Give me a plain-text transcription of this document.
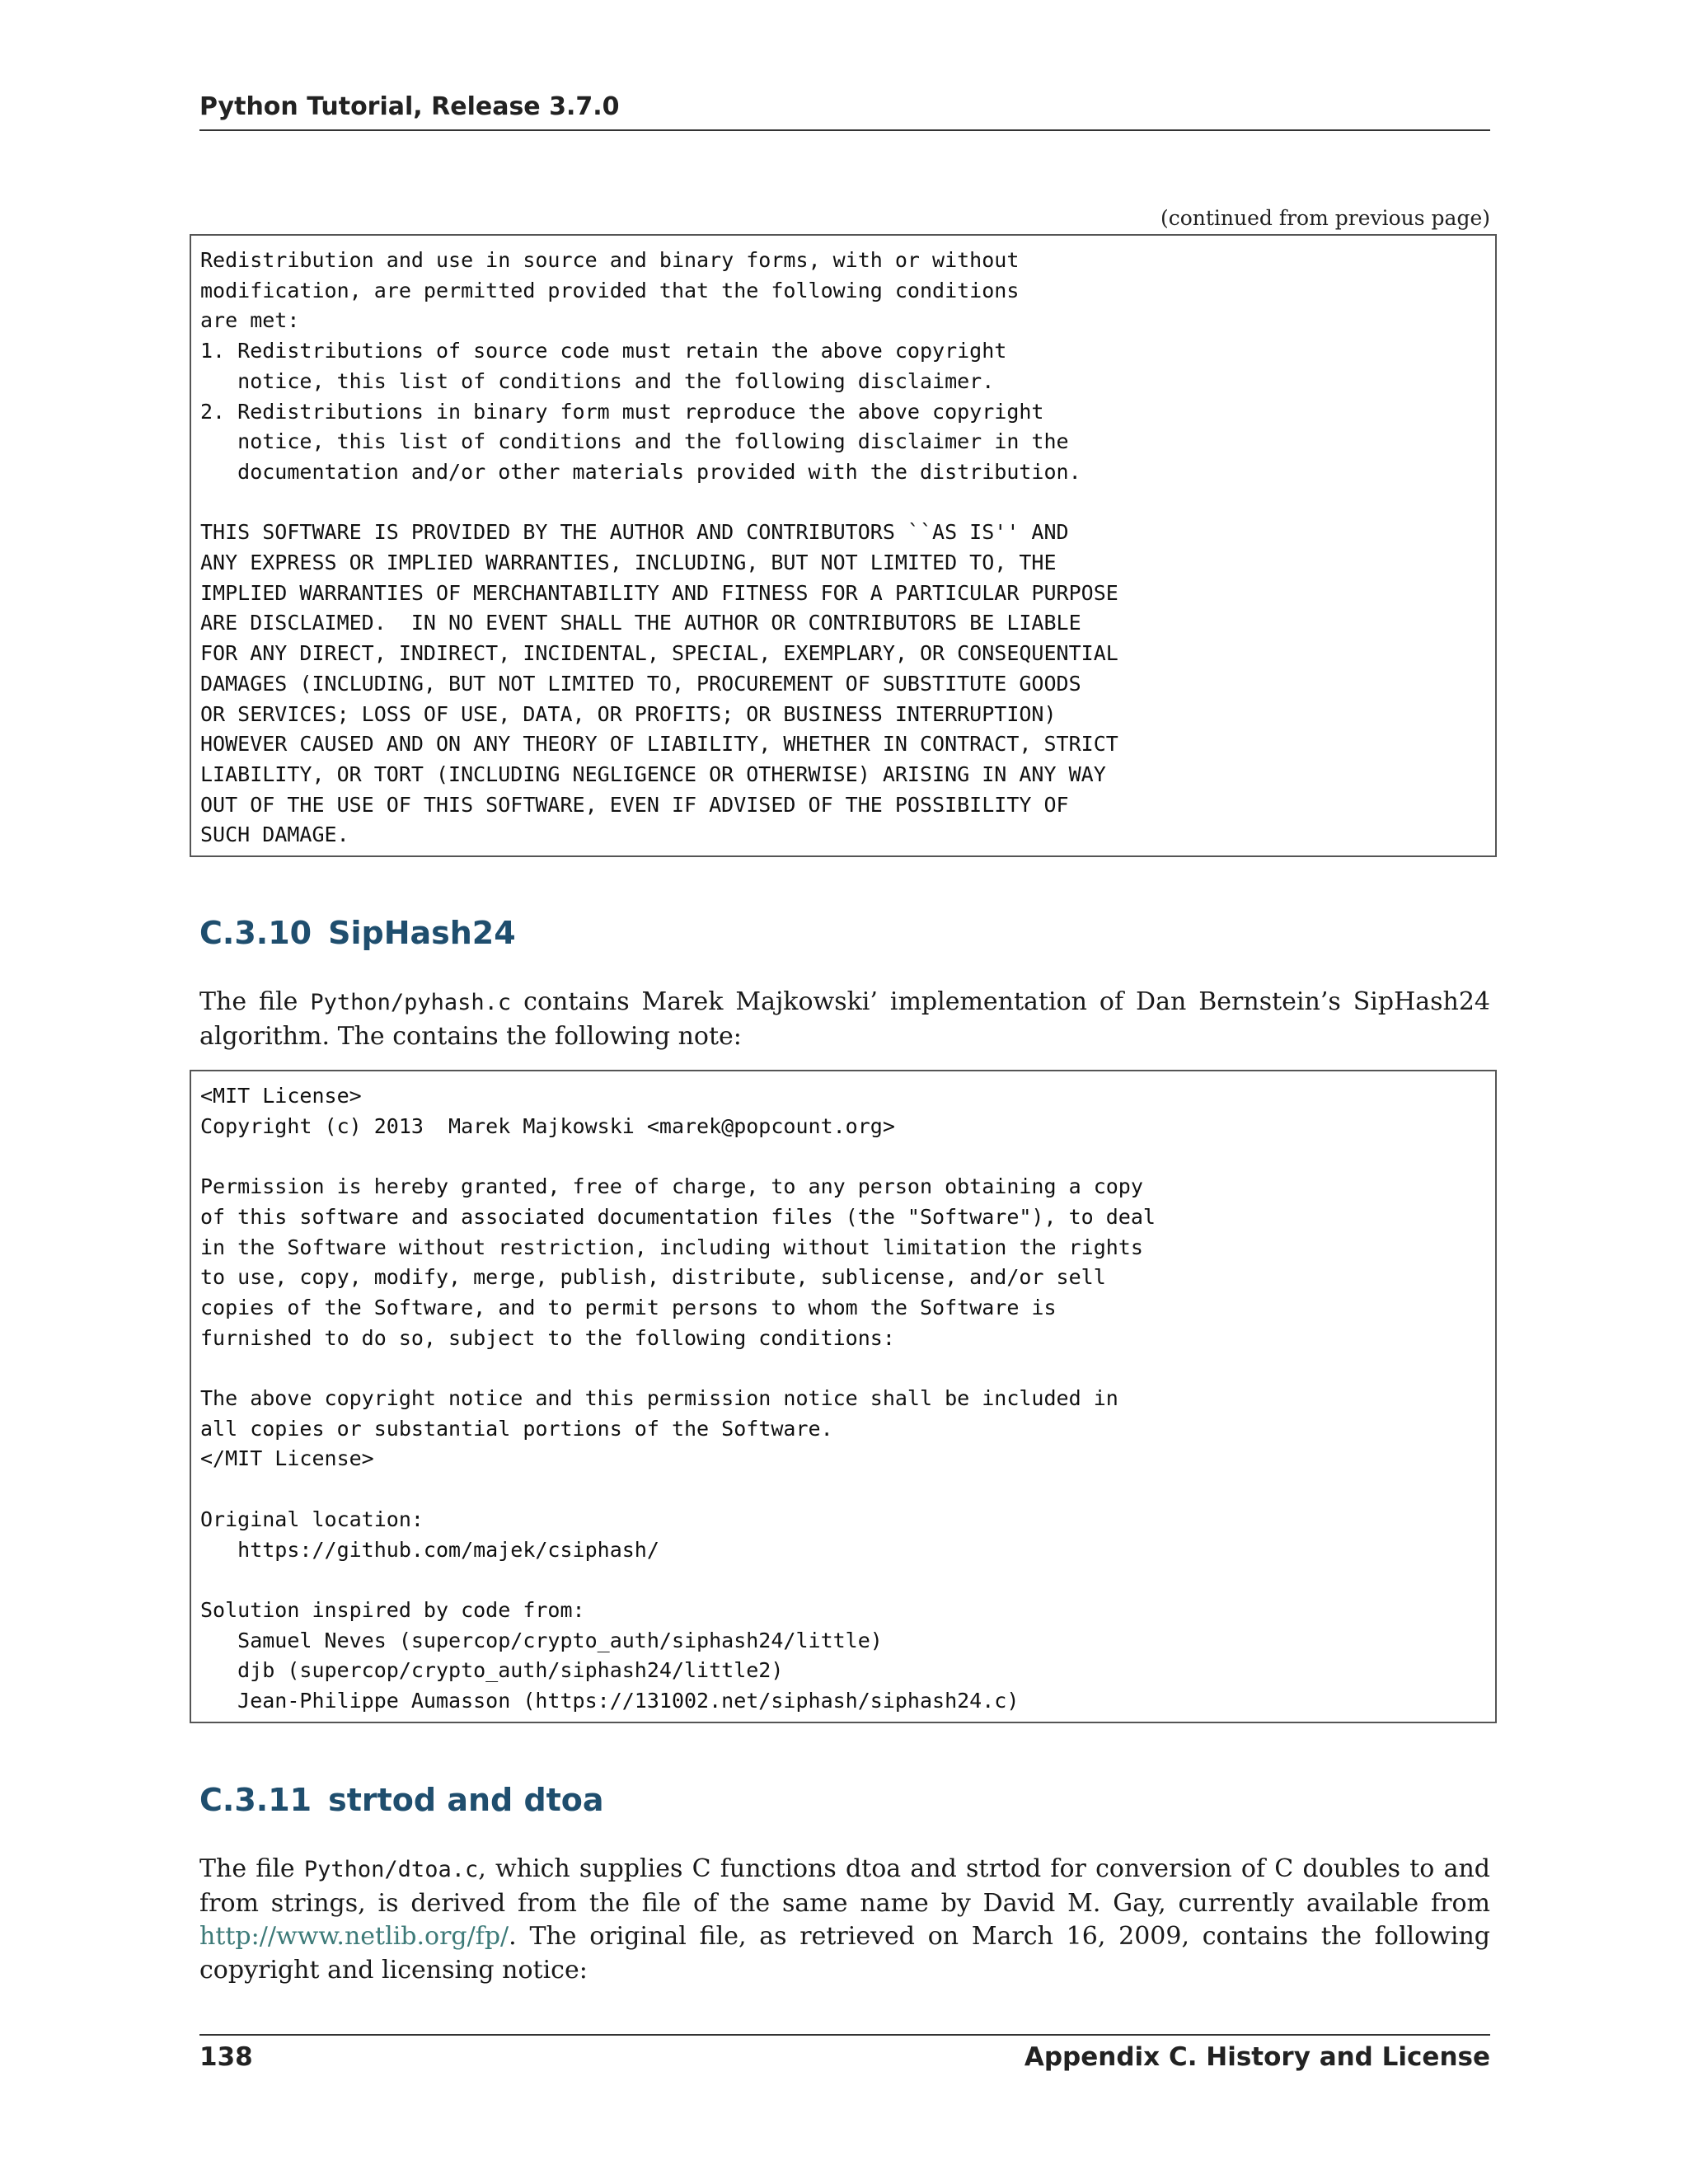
Python Tutorial, Release 3.7.0
(continued from previous page)
Redistribution and use in source and binary forms, with or without
modification, are permitted provided that the following conditions
are met:
1. Redistributions of source code must retain the above copyright
notice, this list of conditions and the following disclaimer.
2. Redistributions in binary form must reproduce the above copyright
notice, this list of conditions and the following disclaimer in the
documentation and/or other materials provided with the distribution.

THIS SOFTWARE IS PROVIDED BY THE AUTHOR AND CONTRIBUTORS ``AS IS'' AND
ANY EXPRESS OR IMPLIED WARRANTIES, INCLUDING, BUT NOT LIMITED TO, THE
IMPLIED WARRANTIES OF MERCHANTABILITY AND FITNESS FOR A PARTICULAR PURPOSE
ARE DISCLAIMED.  IN NO EVENT SHALL THE AUTHOR OR CONTRIBUTORS BE LIABLE
FOR ANY DIRECT, INDIRECT, INCIDENTAL, SPECIAL, EXEMPLARY, OR CONSEQUENTIAL
DAMAGES (INCLUDING, BUT NOT LIMITED TO, PROCUREMENT OF SUBSTITUTE GOODS
OR SERVICES; LOSS OF USE, DATA, OR PROFITS; OR BUSINESS INTERRUPTION)
HOWEVER CAUSED AND ON ANY THEORY OF LIABILITY, WHETHER IN CONTRACT, STRICT
LIABILITY, OR TORT (INCLUDING NEGLIGENCE OR OTHERWISE) ARISING IN ANY WAY
OUT OF THE USE OF THIS SOFTWARE, EVEN IF ADVISED OF THE POSSIBILITY OF
SUCH DAMAGE.
C.3.10 SipHash24
The file Python/pyhash.c contains Marek Majkowski’ implementation of Dan Bernstein’s SipHash24 algorithm. The contains the following note:
<MIT License>
Copyright (c) 2013  Marek Majkowski <marek@popcount.org>

Permission is hereby granted, free of charge, to any person obtaining a copy
of this software and associated documentation files (the "Software"), to deal
in the Software without restriction, including without limitation the rights
to use, copy, modify, merge, publish, distribute, sublicense, and/or sell
copies of the Software, and to permit persons to whom the Software is
furnished to do so, subject to the following conditions:

The above copyright notice and this permission notice shall be included in
all copies or substantial portions of the Software.
</MIT License>

Original location:
https://github.com/majek/csiphash/

Solution inspired by code from:
Samuel Neves (supercop/crypto_auth/siphash24/little)
djb (supercop/crypto_auth/siphash24/little2)
Jean-Philippe Aumasson (https://131002.net/siphash/siphash24.c)
C.3.11 strtod and dtoa
The file Python/dtoa.c, which supplies C functions dtoa and strtod for conversion of C doubles to and from strings, is derived from the file of the same name by David M. Gay, currently available from http://www.netlib.org/fp/. The original file, as retrieved on March 16, 2009, contains the following copyright and licensing notice:
138	Appendix C. History and License
